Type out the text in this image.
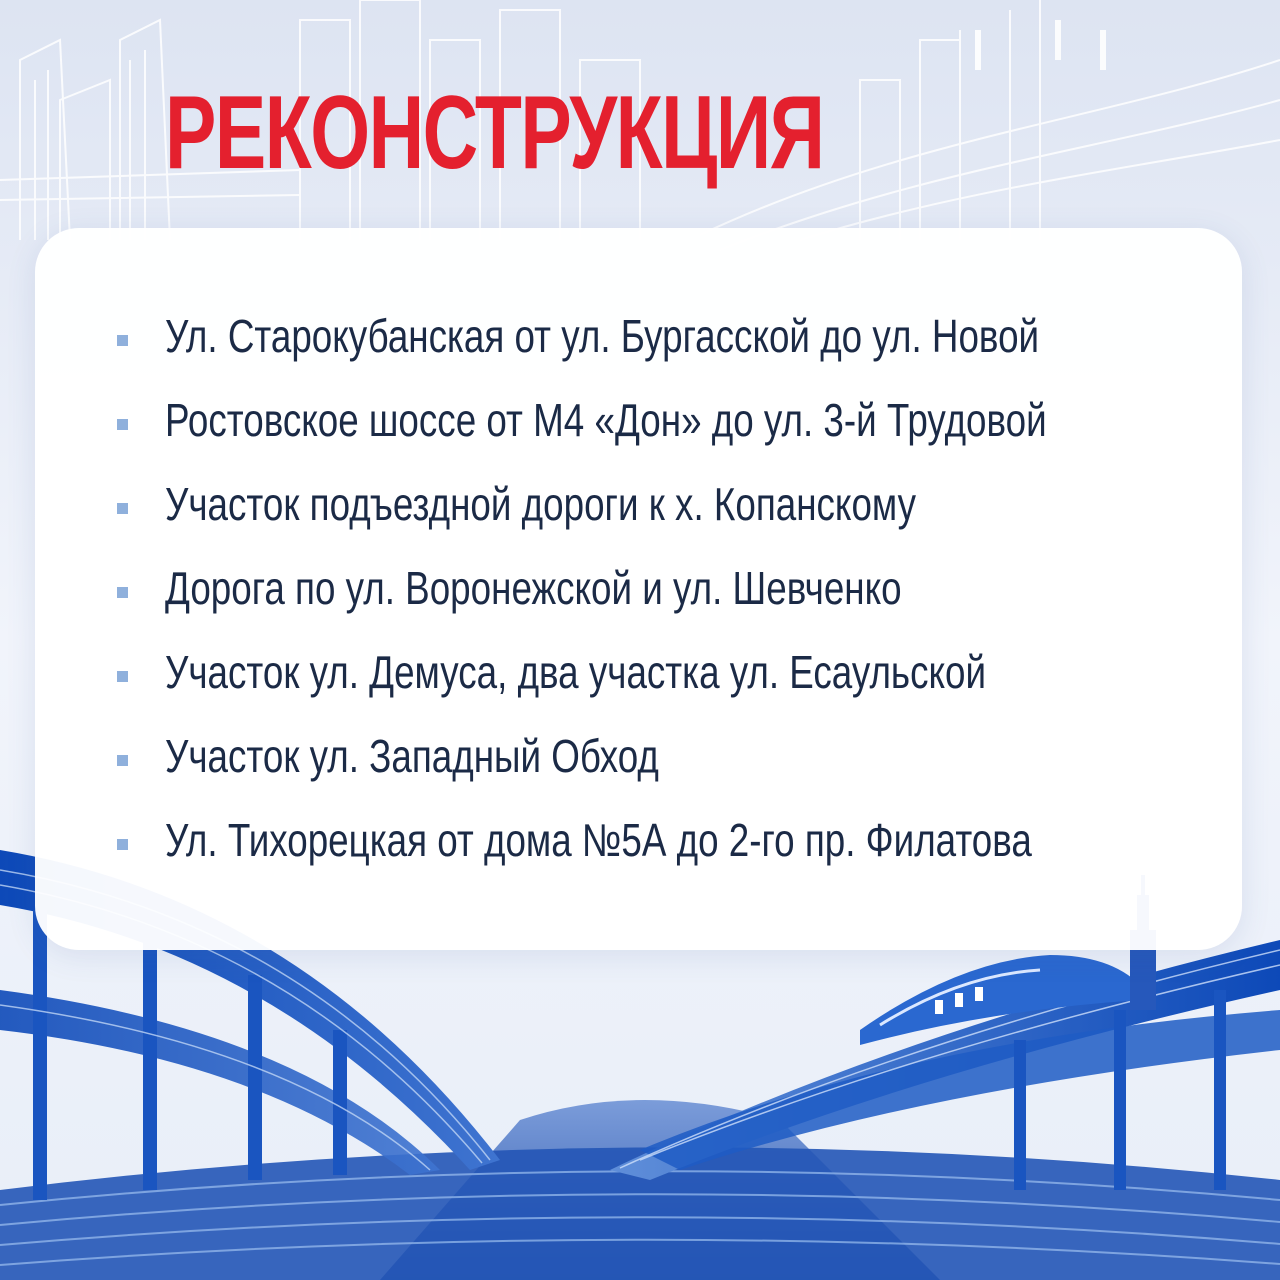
РЕКОНСТРУКЦИЯ
Ул. Старокубанская от ул. Бургасской до ул. Новой
Ростовское шоссе от М4 «Дон» до ул. 3-й Трудовой
Участок подъездной дороги к х. Копанскому
Дорога по ул. Воронежской и ул. Шевченко
Участок ул. Демуса, два участка ул. Есаульской
Участок ул. Западный Обход
Ул. Тихорецкая от дома №5А до 2-го пр. Филатова
